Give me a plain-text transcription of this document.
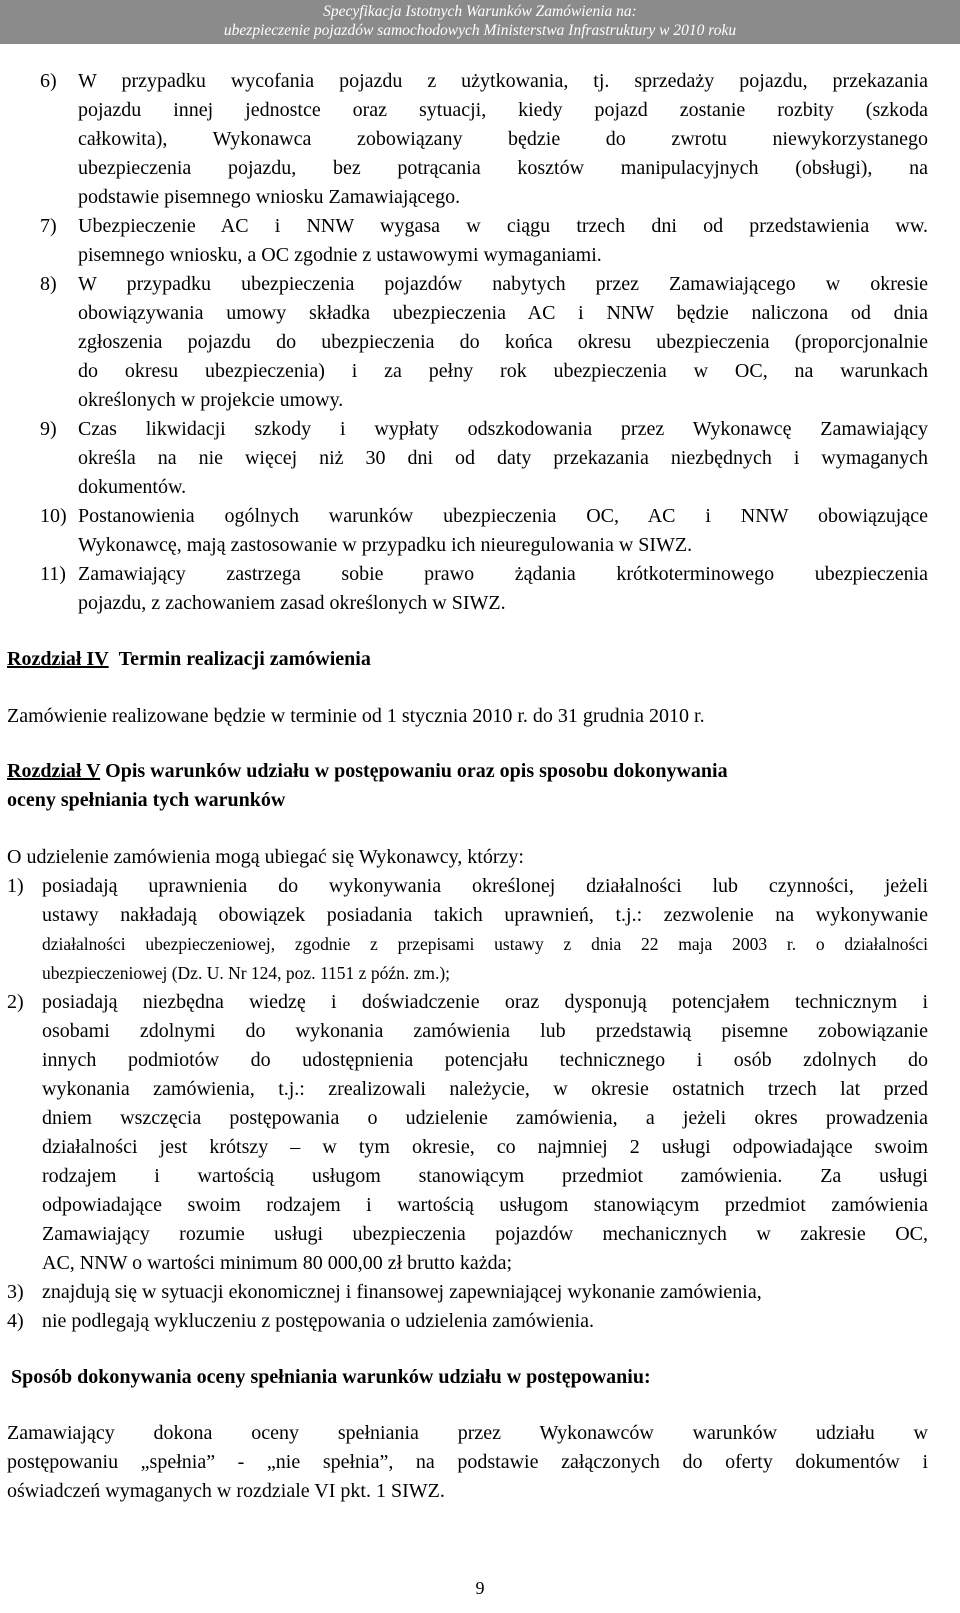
Specyfikacja Istotnych Warunków Zamówienia na:
ubezpieczenie pojazdów samochodowych Ministerstwa Infrastruktury w 2010 roku
6) W przypadku wycofania pojazdu z użytkowania, tj. sprzedaży pojazdu, przekazania
pojazdu innej jednostce oraz sytuacji, kiedy pojazd zostanie rozbity (szkoda
całkowita), Wykonawca zobowiązany będzie do zwrotu niewykorzystanego
ubezpieczenia pojazdu, bez potrącania kosztów manipulacyjnych (obsługi), na
podstawie pisemnego wniosku Zamawiającego.
7) Ubezpieczenie AC i NNW wygasa w ciągu trzech dni od przedstawienia ww.
pisemnego wniosku, a OC zgodnie z ustawowymi wymaganiami.
8) W przypadku ubezpieczenia pojazdów nabytych przez Zamawiającego w okresie
obowiązywania umowy składka ubezpieczenia AC i NNW będzie naliczona od dnia
zgłoszenia pojazdu do ubezpieczenia do końca okresu ubezpieczenia (proporcjonalnie
do okresu ubezpieczenia) i za pełny rok ubezpieczenia w OC, na warunkach
określonych w projekcie umowy.
9) Czas likwidacji szkody i wypłaty odszkodowania przez Wykonawcę Zamawiający
określa na nie więcej niż 30 dni od daty przekazania niezbędnych i wymaganych
dokumentów.
10) Postanowienia ogólnych warunków ubezpieczenia OC, AC i NNW obowiązujące
Wykonawcę, mają zastosowanie w przypadku ich nieuregulowania w SIWZ.
11) Zamawiający zastrzega sobie prawo żądania krótkoterminowego ubezpieczenia
pojazdu, z zachowaniem zasad określonych w SIWZ.
Rozdział IV Termin realizacji zamówienia
Zamówienie realizowane będzie w terminie od 1 stycznia 2010 r. do 31 grudnia 2010 r.
Rozdział V Opis warunków udziału w postępowaniu oraz opis sposobu dokonywania
oceny spełniania tych warunków
O udzielenie zamówienia mogą ubiegać się Wykonawcy, którzy:
1) posiadają uprawnienia do wykonywania określonej działalności lub czynności, jeżeli
ustawy nakładają obowiązek posiadania takich uprawnień, t.j.: zezwolenie na wykonywanie
działalności ubezpieczeniowej, zgodnie z przepisami ustawy z dnia 22 maja 2003 r. o działalności
ubezpieczeniowej (Dz. U. Nr 124, poz. 1151 z późn. zm.);
2) posiadają niezbędna wiedzę i doświadczenie oraz dysponują potencjałem technicznym i
osobami zdolnymi do wykonania zamówienia lub przedstawią pisemne zobowiązanie
innych podmiotów do udostępnienia potencjału technicznego i osób zdolnych do
wykonania zamówienia, t.j.: zrealizowali należycie, w okresie ostatnich trzech lat przed
dniem wszczęcia postępowania o udzielenie zamówienia, a jeżeli okres prowadzenia
działalności jest krótszy – w tym okresie, co najmniej 2 usługi odpowiadające swoim
rodzajem i wartością usługom stanowiącym przedmiot zamówienia. Za usługi
odpowiadające swoim rodzajem i wartością usługom stanowiącym przedmiot zamówienia
Zamawiający rozumie usługi ubezpieczenia pojazdów mechanicznych w zakresie OC,
AC, NNW o wartości minimum 80 000,00 zł brutto każda;
3) znajdują się w sytuacji ekonomicznej i finansowej zapewniającej wykonanie zamówienia,
4) nie podlegają wykluczeniu z postępowania o udzielenia zamówienia.
Sposób dokonywania oceny spełniania warunków udziału w postępowaniu:
Zamawiający dokona oceny spełniania przez Wykonawców warunków udziału w
postępowaniu „spełnia” - „nie spełnia”, na podstawie załączonych do oferty dokumentów i
oświadczeń wymaganych w rozdziale VI pkt. 1 SIWZ.
9
